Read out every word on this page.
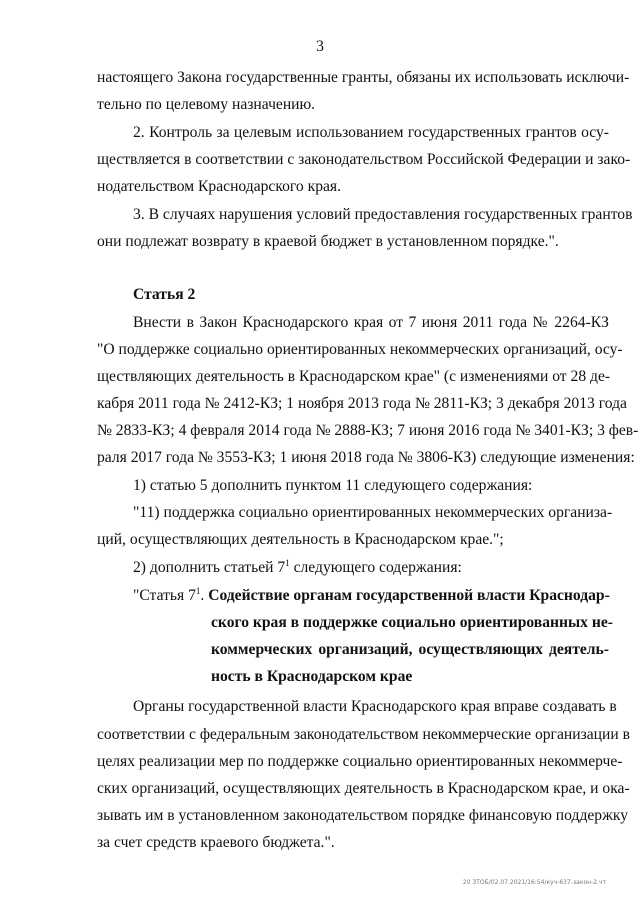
3
настоящего Закона государственные гранты, обязаны их использовать исключи-
тельно по целевому назначению.
2. Контроль за целевым использованием государственных грантов осу-
ществляется в соответствии с законодательством Российской Федерации и зако-
нодательством Краснодарского края.
3. В случаях нарушения условий предоставления государственных грантов
они подлежат возврату в краевой бюджет в установленном порядке.".
Статья 2
Внести в Закон Краснодарского края от 7 июня 2011 года № 2264-КЗ
"О поддержке социально ориентированных некоммерческих организаций, осу-
ществляющих деятельность в Краснодарском крае" (с изменениями от 28 де-
кабря 2011 года № 2412-КЗ; 1 ноября 2013 года № 2811-КЗ; 3 декабря 2013 года
№ 2833-КЗ; 4 февраля 2014 года № 2888-КЗ; 7 июня 2016 года № 3401-КЗ; 3 фев-
раля 2017 года № 3553-КЗ; 1 июня 2018 года № 3806-КЗ) следующие изменения:
1) статью 5 дополнить пунктом 11 следующего содержания:
"11) поддержка социально ориентированных некоммерческих организа-
ций, осуществляющих деятельность в Краснодарском крае.";
2) дополнить статьей $7^1$ следующего содержания:
"Статья $7^1$. Содействие органам государственной власти Краснодар-
ского края в поддержке социально ориентированных не-
коммерческих организаций, осуществляющих деятель-
ность в Краснодарском крае
Органы государственной власти Краснодарского края вправе создавать в
соответствии с федеральным законодательством некоммерческие организации в
целях реализации мер по поддержке социально ориентированных некоммерче-
ских организаций, осуществляющих деятельность в Краснодарском крае, и ока-
зывать им в установленном законодательством порядке финансовую поддержку
за счет средств краевого бюджета.".
20 ЗТОБ/02.07.2021/16:54/куч-637-закон-2.чт
